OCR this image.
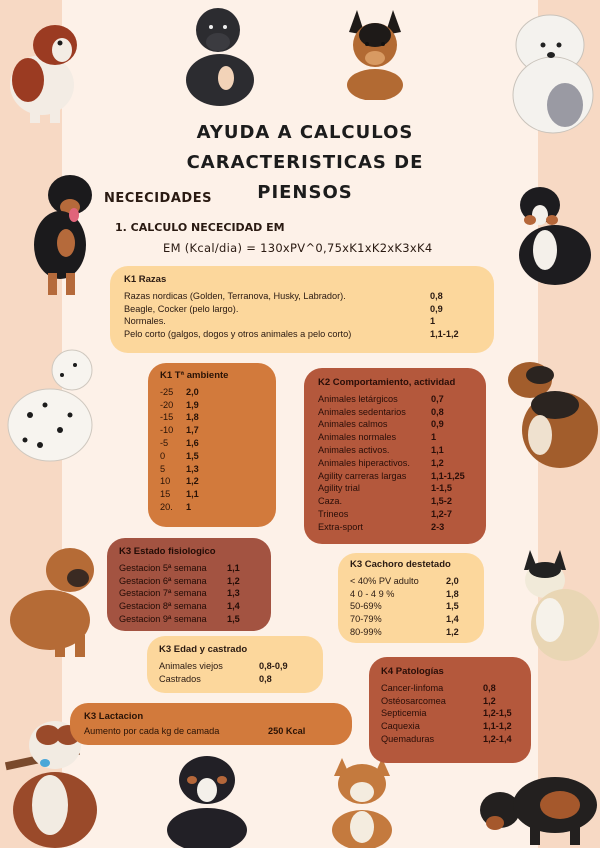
AYUDA A CALCULOS CARACTERISTICAS DE
PIENSOS
NECECIDADES
1. CALCULO NECECIDAD EM
EM (Kcal/dia) = 130xPV^0,75xK1xK2xK3xK4
K1 Razas
Razas nordicas (Golden, Terranova, Husky, Labrador).	0,8
Beagle, Cocker (pelo largo).	0,9
Normales.	1
Pelo corto (galgos, dogos y otros animales a pelo corto)	1,1-1,2
K1 Tª ambiente
-25	2,0
-20	1,9
-15	1,8
-10	1,7
-5	1,6
0	1,5
5	1,3
10	1,2
15	1,1
20.	1
K2 Comportamiento, actividad
Animales letárgicos	0,7
Animales sedentarios	0,8
Animales calmos	0,9
Animales normales	1
Animales activos.	1,1
Animales hiperactivos.	1,2
Agility carreras largas	1,1-1,25
Agility trial	1-1,5
Caza.	1,5-2
Trineos	1,2-7
Extra-sport	2-3
K3 Estado fisiologico
Gestacion 5ª semana	1,1
Gestacion 6ª semana	1,2
Gestacion 7ª semana	1,3
Gestacion 8ª semana	1,4
Gestacion 9ª semana	1,5
K3 Cachoro destetado
< 40% PV adulto	2,0
4 0 - 4 9 %	1,8
50-69%	1,5
70-79%	1,4
80-99%	1,2
K3 Edad y castrado
Animales viejos	0,8-0,9
Castrados	0,8
K3 Lactacion
Aumento por cada kg de camada	250 Kcal
K4 Patologías
Cancer-linfoma	0,8
Ostéosarcomea	1,2
Septicemia	1,2-1,5
Caquexia	1,1-1,2
Quemaduras	1,2-1,4
